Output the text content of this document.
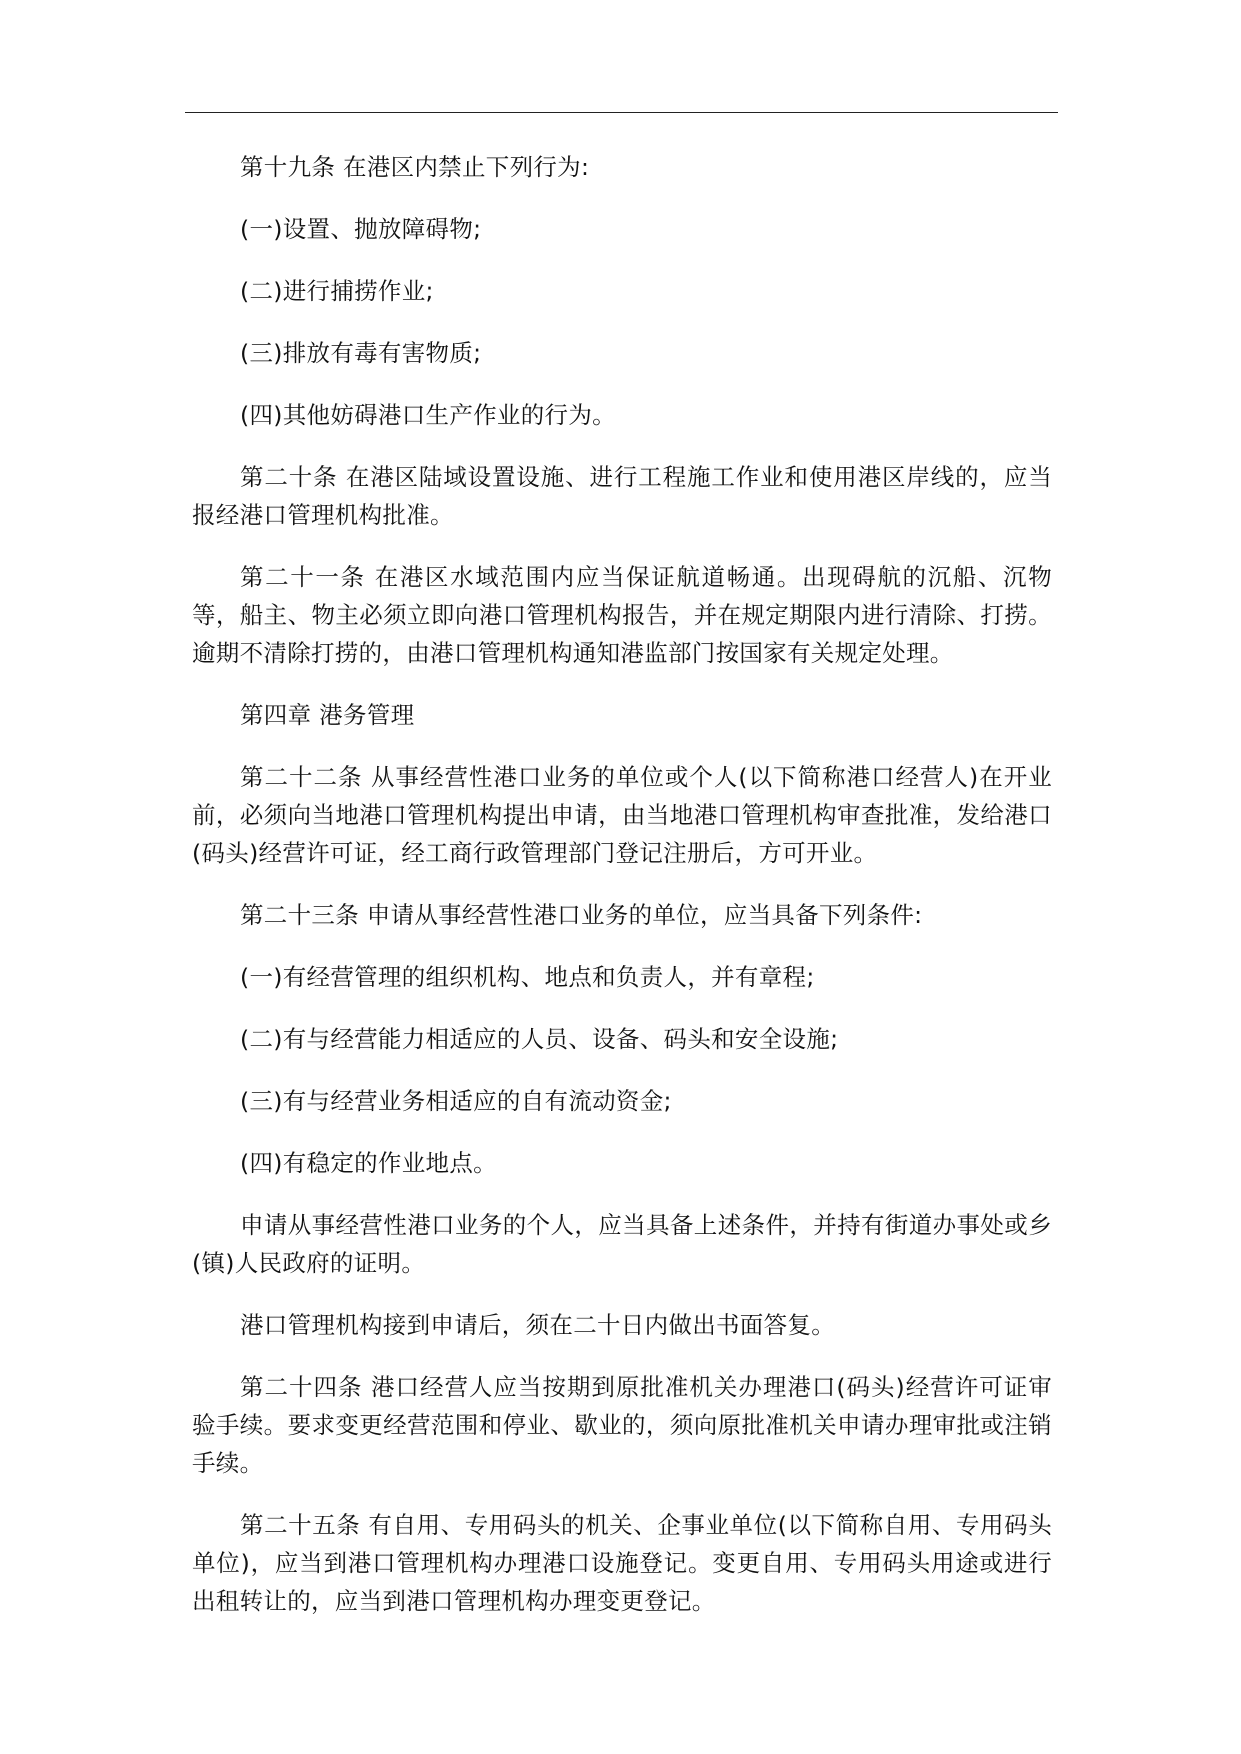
第十九条 在港区内禁止下列行为:

(一)设置、抛放障碍物;

(二)进行捕捞作业;

(三)排放有毒有害物质;

(四)其他妨碍港口生产作业的行为。

第二十条 在港区陆域设置设施、进行工程施工作业和使用港区岸线的，应当报经港口管理机构批准。

第二十一条 在港区水域范围内应当保证航道畅通。出现碍航的沉船、沉物等，船主、物主必须立即向港口管理机构报告，并在规定期限内进行清除、打捞。逾期不清除打捞的，由港口管理机构通知港监部门按国家有关规定处理。

第四章 港务管理

第二十二条 从事经营性港口业务的单位或个人(以下简称港口经营人)在开业前，必须向当地港口管理机构提出申请，由当地港口管理机构审查批准，发给港口(码头)经营许可证，经工商行政管理部门登记注册后，方可开业。

第二十三条 申请从事经营性港口业务的单位，应当具备下列条件:

(一)有经营管理的组织机构、地点和负责人，并有章程;

(二)有与经营能力相适应的人员、设备、码头和安全设施;

(三)有与经营业务相适应的自有流动资金;

(四)有稳定的作业地点。

申请从事经营性港口业务的个人，应当具备上述条件，并持有街道办事处或乡(镇)人民政府的证明。

港口管理机构接到申请后，须在二十日内做出书面答复。

第二十四条 港口经营人应当按期到原批准机关办理港口(码头)经营许可证审验手续。要求变更经营范围和停业、歇业的，须向原批准机关申请办理审批或注销手续。

第二十五条 有自用、专用码头的机关、企事业单位(以下简称自用、专用码头单位)，应当到港口管理机构办理港口设施登记。变更自用、专用码头用途或进行出租转让的，应当到港口管理机构办理变更登记。
